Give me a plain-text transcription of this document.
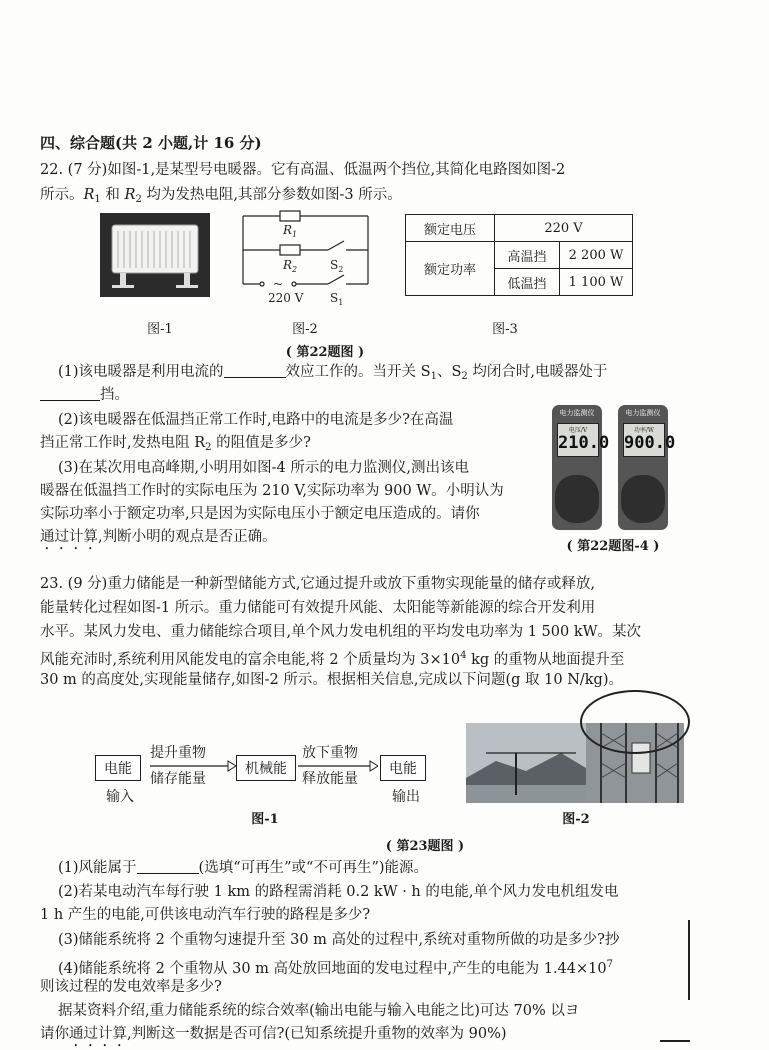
四、综合题(共 2 小题,计 16 分)
22. (7 分)如图-1,是某型号电暖器。它有高温、低温两个挡位,其简化电路图如图-2
所示。$R_1$ 和 $R_2$ 均为发热电阻,其部分参数如图-3 所示。
图-1
$R_1$
$R_2$	$S_2$
~
220 V $S_1$
图-2
额定电压	220 V	
额定功率	高温挡	2 200 W
	低温挡	1 100 W
图-3
( 第22题图 )
(1)该电暖器是利用电流的	效应工作的。当开关 $S_1$、$S_2$ 均闭合时,电暖器处于
挡。
(2)该电暖器在低温挡正常工作时,电路中的电流是多少?在高温
挡正常工作时,发热电阻 $R_2$ 的阻值是多少?
(3)在某次用电高峰期,小明用如图-4 所示的电力监测仪,测出该电
暖器在低温挡工作时的实际电压为 210 V,实际功率为 900 W。小明认为
实际功率小于额定功率,只是因为实际电压小于额定电压造成的。请你
通过计算,判断小明的观点是否正确。
电力监测仪
电压/V
210.0
电力监测仪
功率/W
900.0
( 第22题图-4 )
23. (9 分)重力储能是一种新型储能方式,它通过提升或放下重物实现能量的储存或释放,
能量转化过程如图-1 所示。重力储能可有效提升风能、太阳能等新能源的综合开发利用
水平。某风力发电、重力储能综合项目,单个风力发电机组的平均发电功率为 1 500 kW。某次
风能充沛时,系统利用风能发电的富余电能,将 2 个质量均为 $3\times 10^4$ kg 的重物从地面提升至
30 m 的高度处,实现能量储存,如图-2 所示。根据相关信息,完成以下问题(g 取 10 N/kg)。
电能
提升重物
储存能量
机械能
放下重物
释放能量
电能
输入	输出
图-1	图-2
( 第23题图 )
(1)风能属于	(选填“可再生”或“不可再生”)能源。
(2)若某电动汽车每行驶 1 km 的路程需消耗 0.2 kW · h 的电能,单个风力发电机组发电
1 h 产生的电能,可供该电动汽车行驶的路程是多少?
(3)储能系统将 2 个重物匀速提升至 30 m 高处的过程中,系统对重物所做的功是多少?抄
(4)储能系统将 2 个重物从 30 m 高处放回地面的发电过程中,产生的电能为 $1.44\times 10^7$
则该过程的发电效率是多少?
据某资料介绍,重力储能系统的综合效率(输出电能与输入电能之比)可达 70% 以ヨ
请你通过计算,判断这一数据是否可信?(已知系统提升重物的效率为 90%)
